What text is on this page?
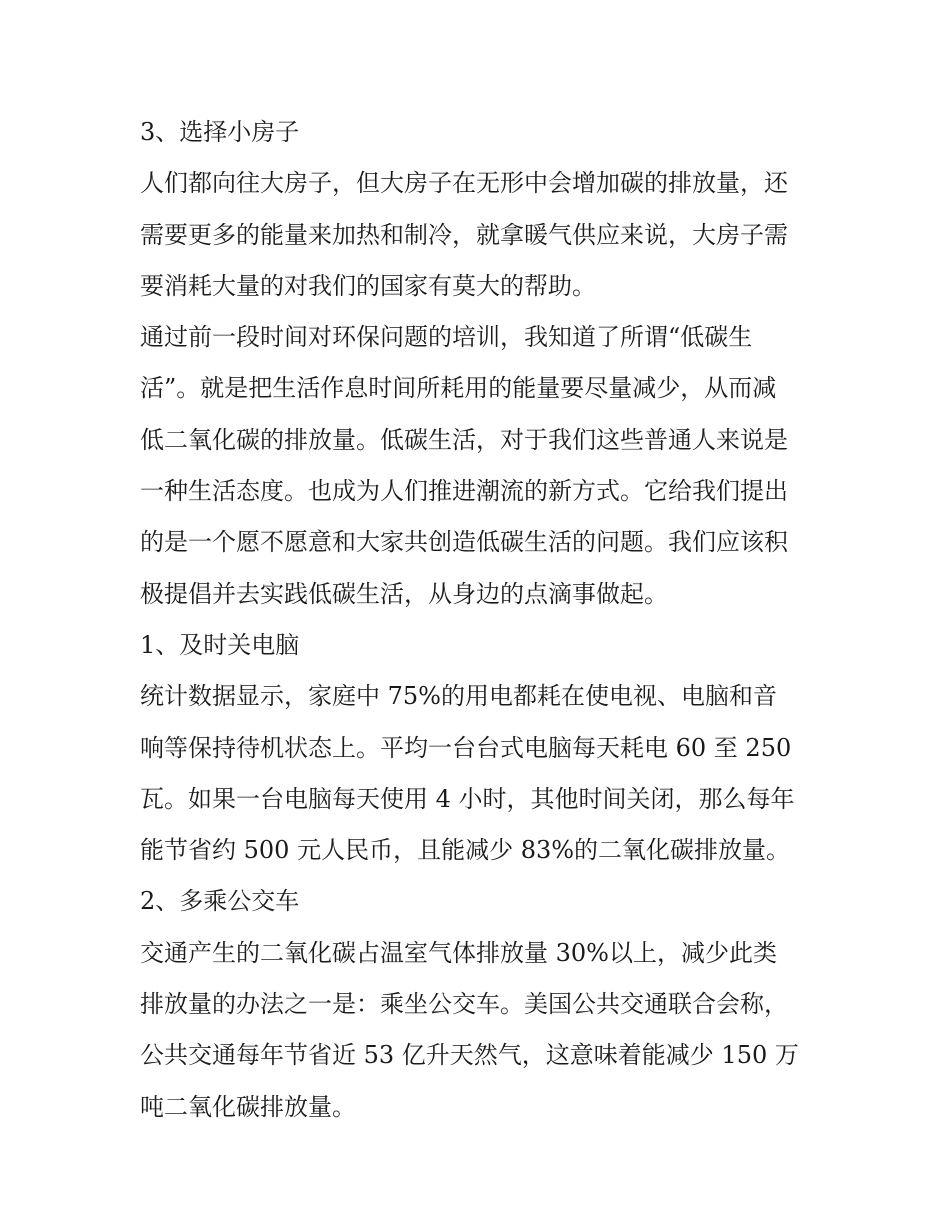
3、选择小房子
人们都向往大房子，但大房子在无形中会增加碳的排放量，还
需要更多的能量来加热和制冷，就拿暖气供应来说，大房子需
要消耗大量的对我们的国家有莫大的帮助。
通过前一段时间对环保问题的培训，我知道了所谓“低碳生
活”。就是把生活作息时间所耗用的能量要尽量减少，从而减
低二氧化碳的排放量。低碳生活，对于我们这些普通人来说是
一种生活态度。也成为人们推进潮流的新方式。它给我们提出
的是一个愿不愿意和大家共创造低碳生活的问题。我们应该积
极提倡并去实践低碳生活，从身边的点滴事做起。
1、及时关电脑
统计数据显示，家庭中 75%的用电都耗在使电视、电脑和音
响等保持待机状态上。平均一台台式电脑每天耗电 60 至 250
瓦。如果一台电脑每天使用 4 小时，其他时间关闭，那么每年
能节省约 500 元人民币，且能减少 83%的二氧化碳排放量。
2、多乘公交车
交通产生的二氧化碳占温室气体排放量 30%以上，减少此类
排放量的办法之一是：乘坐公交车。美国公共交通联合会称，
公共交通每年节省近 53 亿升天然气，这意味着能减少 150 万
吨二氧化碳排放量。
